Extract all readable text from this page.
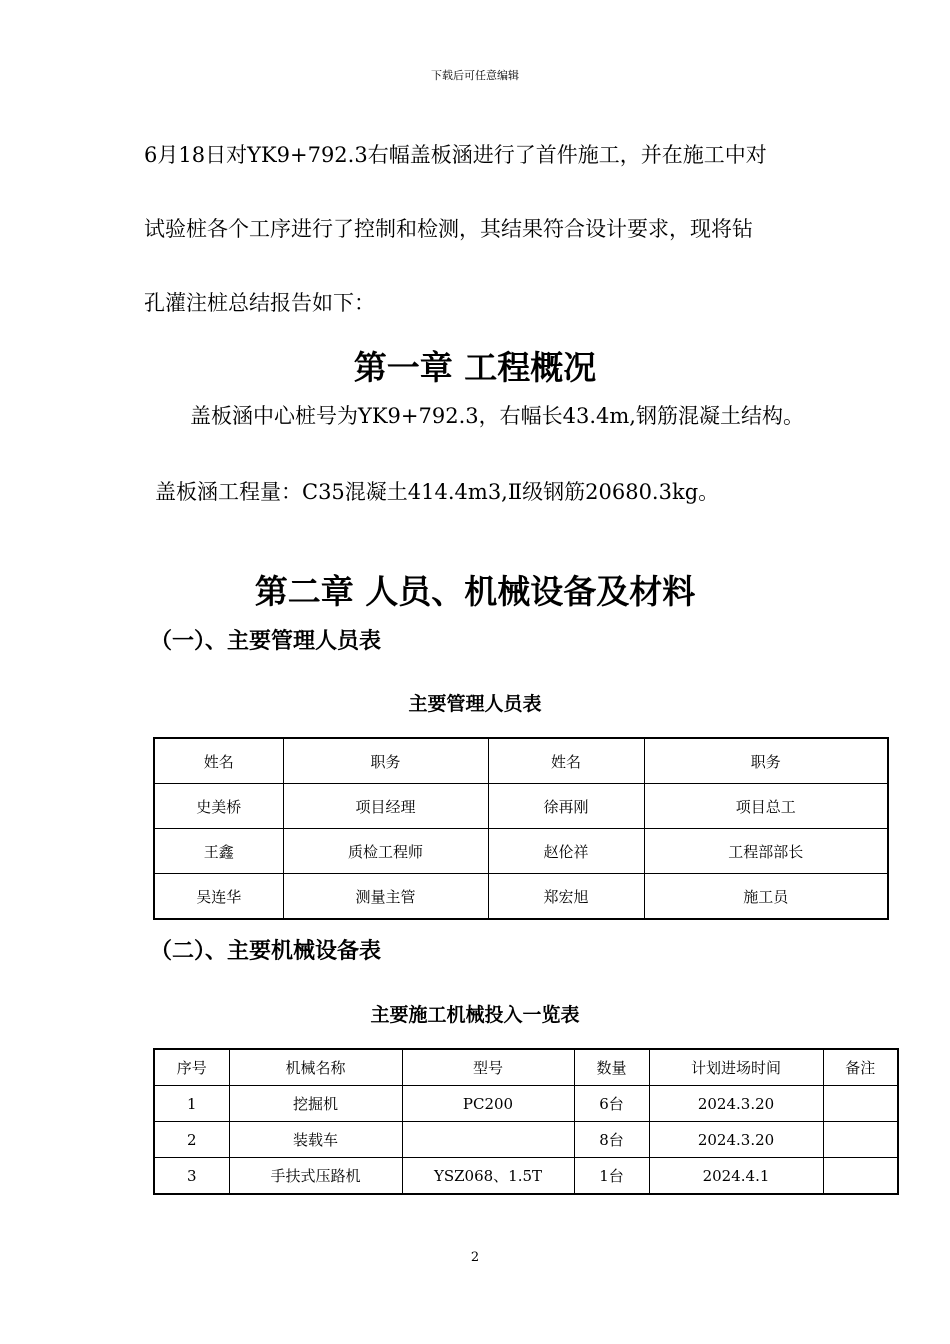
下载后可任意编辑
6月18日对YK9+792.3右幅盖板涵进行了首件施工，并在施工中对
试验桩各个工序进行了控制和检测，其结果符合设计要求，现将钻
孔灌注桩总结报告如下：
第一章 工程概况
盖板涵中心桩号为YK9+792.3，右幅长43.4m,钢筋混凝土结构。
盖板涵工程量：C35混凝土414.4m3,Ⅱ级钢筋20680.3kg。
第二章 人员、机械设备及材料
（一）、主要管理人员表
主要管理人员表
姓名	职务	姓名	职务
史美桥	项目经理	徐再刚	项目总工
王鑫	质检工程师	赵伦祥	工程部部长
吴连华	测量主管	郑宏旭	施工员
（二）、主要机械设备表
主要施工机械投入一览表
序号	机械名称	型号	数量	计划进场时间	备注
1	挖掘机	PC200	6台	2024.3.20	
2	装载车		8台	2024.3.20	
3	手扶式压路机	YSZ068、1.5T	1台	2024.4.1	
2
